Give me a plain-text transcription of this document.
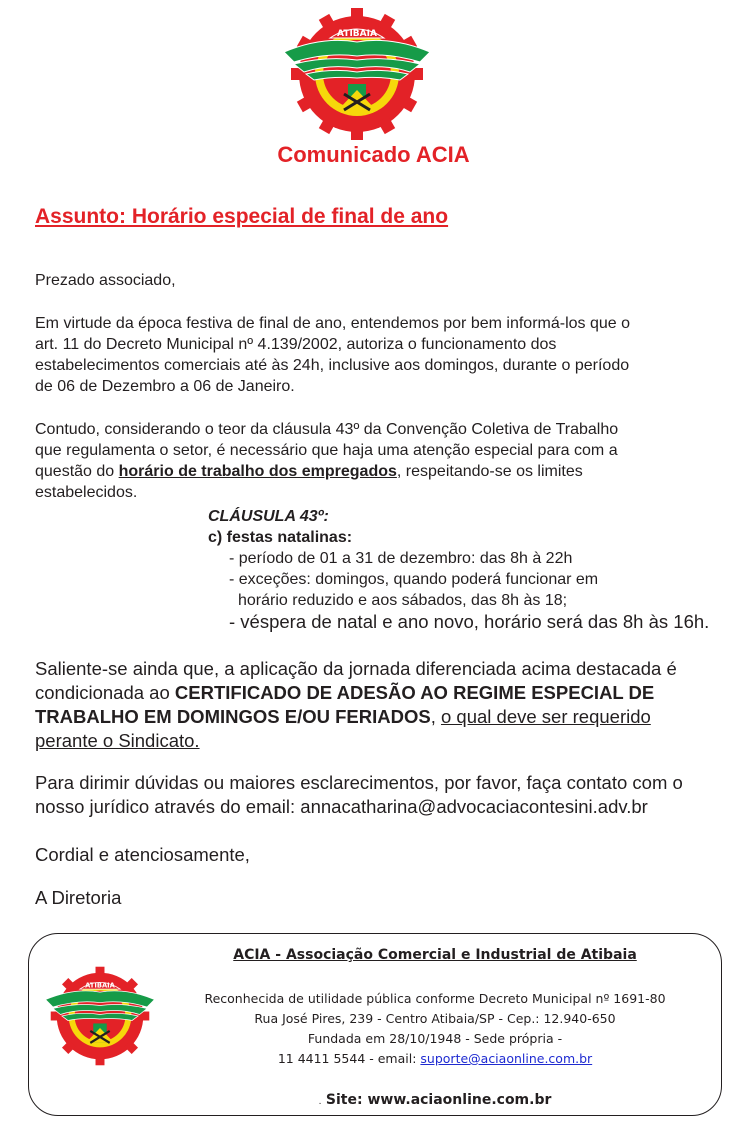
ATIBAIA
Comunicado ACIA
Assunto: Horário especial de final de ano
Prezado associado,
Em virtude da época festiva de final de ano, entendemos por bem informá-los que o
art. 11 do Decreto Municipal nº 4.139/2002, autoriza o funcionamento dos
estabelecimentos comerciais até às 24h, inclusive aos domingos, durante o período
de 06 de Dezembro a 06 de Janeiro.
Contudo, considerando o teor da cláusula 43º da Convenção Coletiva de Trabalho
que regulamenta o setor, é necessário que haja uma atenção especial para com a
questão do horário de trabalho dos empregados, respeitando-se os limites
estabelecidos.
CLÁUSULA 43º:
c) festas natalinas:
- período de 01 a 31 de dezembro: das 8h à 22h
- exceções: domingos, quando poderá funcionar em
horário reduzido e aos sábados, das 8h às 18;
- véspera de natal e ano novo, horário será das 8h às 16h.
Saliente-se ainda que, a aplicação da jornada diferenciada acima destacada é
condicionada ao CERTIFICADO DE ADESÃO AO REGIME ESPECIAL DE
TRABALHO EM DOMINGOS E/OU FERIADOS, o qual deve ser requerido
perante o Sindicato.
Para dirimir dúvidas ou maiores esclarecimentos, por favor, faça contato com o
nosso jurídico através do email: annacatharina@advocaciacontesini.adv.br
Cordial e atenciosamente,
A Diretoria
ATIBAIA
ACIA - Associação Comercial e Industrial de Atibaia
Reconhecida de utilidade pública conforme Decreto Municipal nº 1691-80
Rua José Pires, 239 - Centro Atibaia/SP - Cep.: 12.940-650
Fundada em 28/10/1948 - Sede própria -
11 4411 5544 - email: suporte@aciaonline.com.br
. Site: www.aciaonline.com.br
